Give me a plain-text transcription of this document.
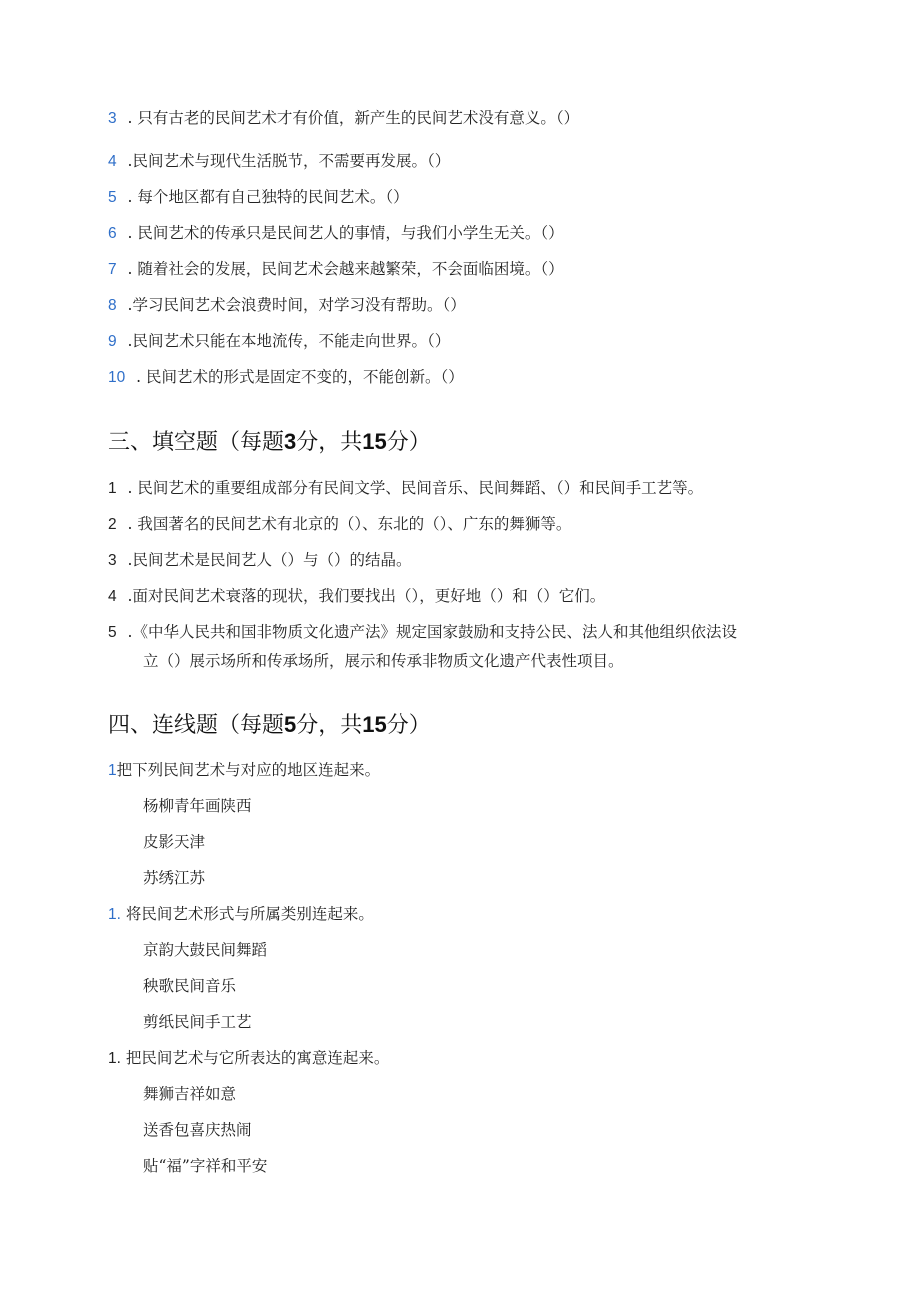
3 . 只有古老的民间艺术才有价值，新产生的民间艺术没有意义。（）
4 .民间艺术与现代生活脱节，不需要再发展。（）
5 . 每个地区都有自己独特的民间艺术。（）
6 . 民间艺术的传承只是民间艺人的事情，与我们小学生无关。（）
7 . 随着社会的发展，民间艺术会越来越繁荣，不会面临困境。（）
8 .学习民间艺术会浪费时间，对学习没有帮助。（）
9 .民间艺术只能在本地流传，不能走向世界。（）
10 . 民间艺术的形式是固定不变的，不能创新。（）
三、填空题（每题3分，共15分）
1 . 民间艺术的重要组成部分有民间文学、民间音乐、民间舞蹈、（）和民间手工艺等。
2 . 我国著名的民间艺术有北京的（）、东北的（）、广东的舞狮等。
3 .民间艺术是民间艺人（）与（）的结晶。
4 .面对民间艺术衰落的现状，我们要找出（），更好地（）和（）它们。
5 .《中华人民共和国非物质文化遗产法》规定国家鼓励和支持公民、法人和其他组织依法设
立（）展示场所和传承场所，展示和传承非物质文化遗产代表性项目。
四、连线题（每题5分，共15分）
1把下列民间艺术与对应的地区连起来。
杨柳青年画陕西
皮影天津
苏绣江苏
1. 将民间艺术形式与所属类别连起来。
京韵大鼓民间舞蹈
秧歌民间音乐
剪纸民间手工艺
1. 把民间艺术与它所表达的寓意连起来。
舞狮吉祥如意
送香包喜庆热闹
贴“福”字祥和平安
